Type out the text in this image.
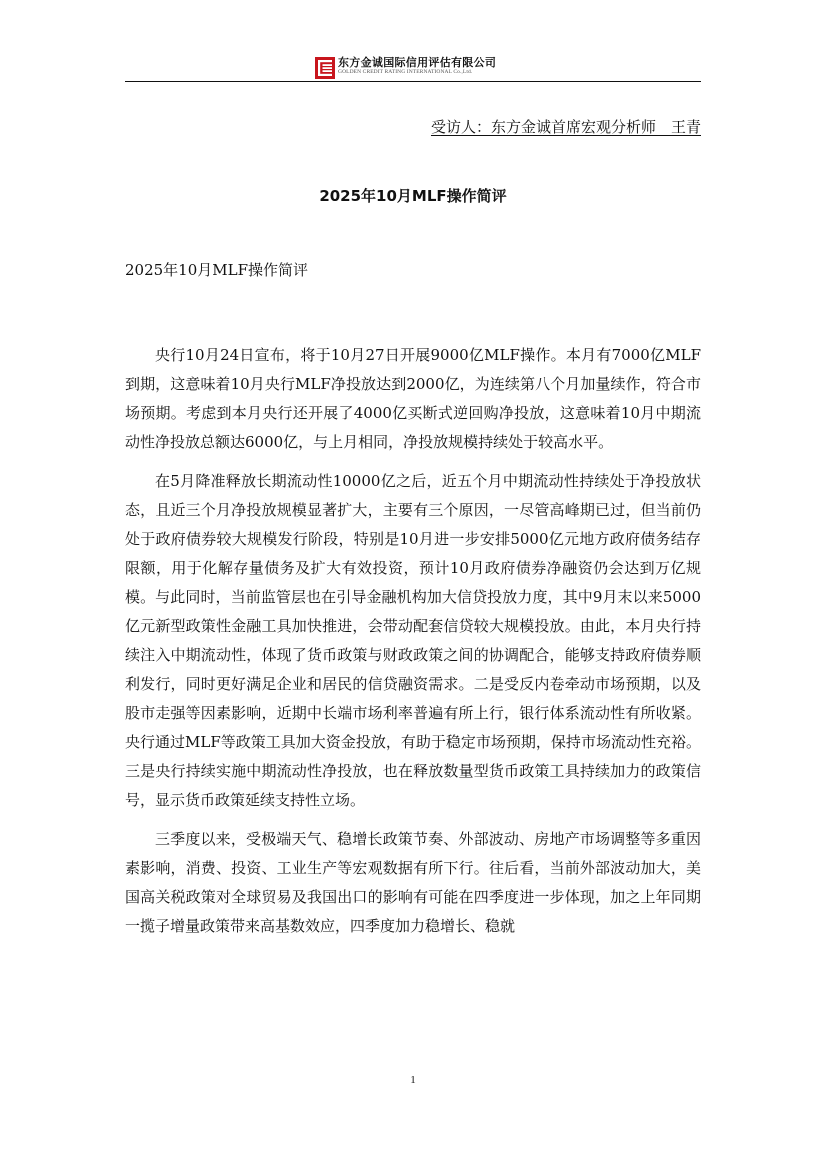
东方金诚国际信用评估有限公司
GOLDEN CREDIT RATING INTERNATIONAL Co.,Ltd.
受访人：东方金诚首席宏观分析师　王青
2025年10月MLF操作简评
2025年10月MLF操作简评

央行10月24日宣布，将于10月27日开展9000亿MLF操作。本月有7000亿MLF到期，这意味着10月央行MLF净投放达到2000亿，为连续第八个月加量续作，符合市场预期。考虑到本月央行还开展了4000亿买断式逆回购净投放，这意味着10月中期流动性净投放总额达6000亿，与上月相同，净投放规模持续处于较高水平。

在5月降准释放长期流动性10000亿之后，近五个月中期流动性持续处于净投放状态，且近三个月净投放规模显著扩大，主要有三个原因，一尽管高峰期已过，但当前仍处于政府债券较大规模发行阶段，特别是10月进一步安排5000亿元地方政府债务结存限额，用于化解存量债务及扩大有效投资，预计10月政府债券净融资仍会达到万亿规模。与此同时，当前监管层也在引导金融机构加大信贷投放力度，其中9月末以来5000亿元新型政策性金融工具加快推进，会带动配套信贷较大规模投放。由此，本月央行持续注入中期流动性，体现了货币政策与财政政策之间的协调配合，能够支持政府债券顺利发行，同时更好满足企业和居民的信贷融资需求。二是受反内卷牵动市场预期，以及股市走强等因素影响，近期中长端市场利率普遍有所上行，银行体系流动性有所收紧。央行通过MLF等政策工具加大资金投放，有助于稳定市场预期，保持市场流动性充裕。三是央行持续实施中期流动性净投放，也在释放数量型货币政策工具持续加力的政策信号，显示货币政策延续支持性立场。

三季度以来，受极端天气、稳增长政策节奏、外部波动、房地产市场调整等多重因素影响，消费、投资、工业生产等宏观数据有所下行。往后看，当前外部波动加大，美国高关税政策对全球贸易及我国出口的影响有可能在四季度进一步体现，加之上年同期一揽子增量政策带来高基数效应，四季度加力稳增长、稳就

1
